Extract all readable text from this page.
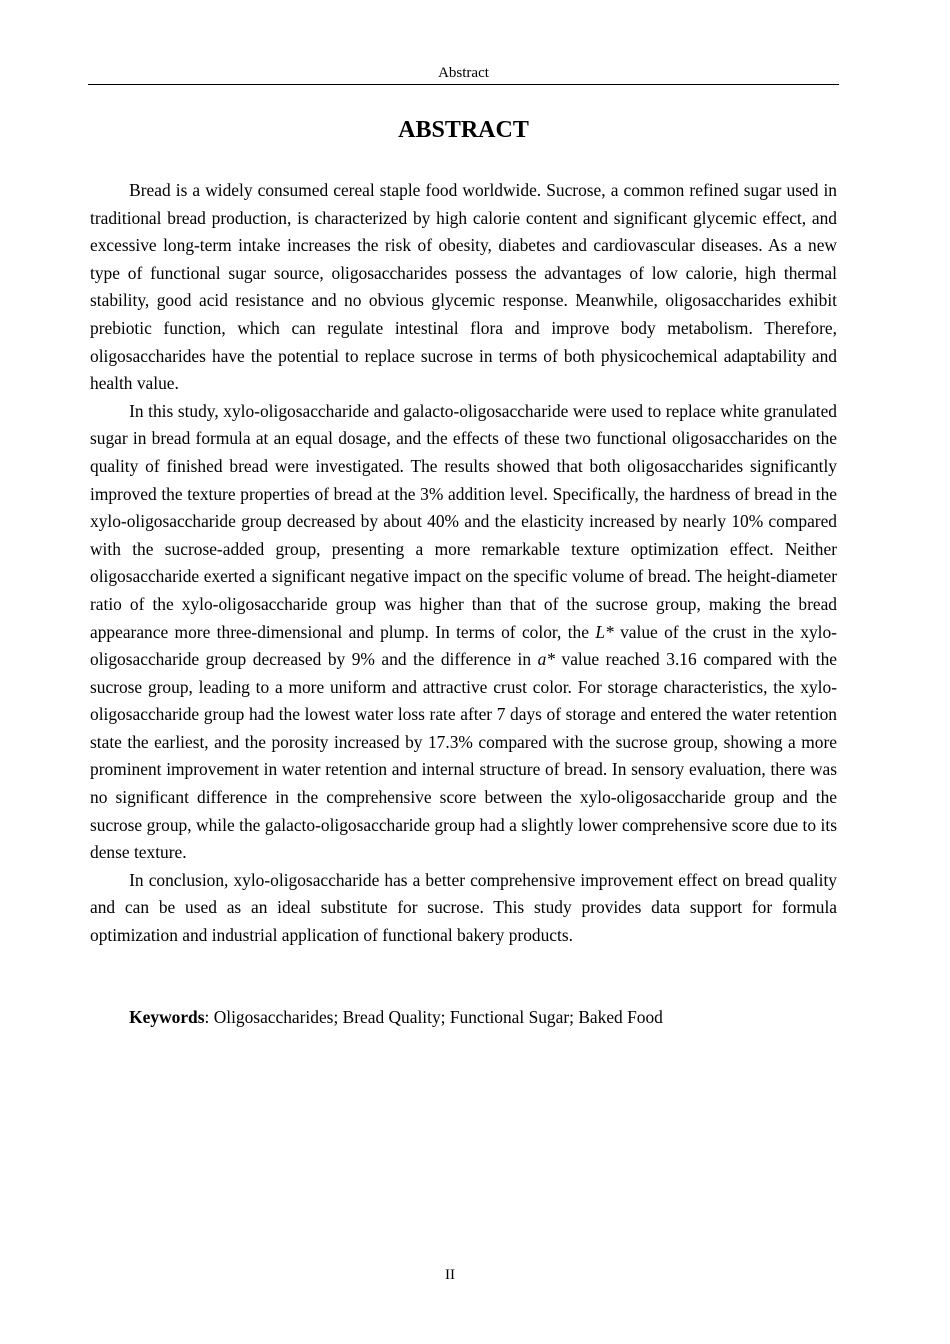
Abstract
ABSTRACT

Bread is a widely consumed cereal staple food worldwide. Sucrose, a common refined sugar used in traditional bread production, is characterized by high calorie content and significant glycemic effect, and excessive long-term intake increases the risk of obesity, diabetes and cardiovascular diseases. As a new type of functional sugar source, oligosaccharides possess the advantages of low calorie, high thermal stability, good acid resistance and no obvious glycemic response. Meanwhile, oligosaccharides exhibit prebiotic function, which can regulate intestinal flora and improve body metabolism. Therefore, oligosaccharides have the potential to replace sucrose in terms of both physicochemical adaptability and health value.

In this study, xylo-oligosaccharide and galacto-oligosaccharide were used to replace white granulated sugar in bread formula at an equal dosage, and the effects of these two functional oligosaccharides on the quality of finished bread were investigated. The results showed that both oligosaccharides significantly improved the texture properties of bread at the 3% addition level. Specifically, the hardness of bread in the xylo-oligosaccharide group decreased by about 40% and the elasticity increased by nearly 10% compared with the sucrose-added group, presenting a more remarkable texture optimization effect. Neither oligosaccharide exerted a significant negative impact on the specific volume of bread. The height-diameter ratio of the xylo-oligosaccharide group was higher than that of the sucrose group, making the bread appearance more three-dimensional and plump. In terms of color, the L* value of the crust in the xylo-oligosaccharide group decreased by 9% and the difference in a* value reached 3.16 compared with the sucrose group, leading to a more uniform and attractive crust color. For storage characteristics, the xylo-oligosaccharide group had the lowest water loss rate after 7 days of storage and entered the water retention state the earliest, and the porosity increased by 17.3% compared with the sucrose group, showing a more prominent improvement in water retention and internal structure of bread. In sensory evaluation, there was no significant difference in the comprehensive score between the xylo-oligosaccharide group and the sucrose group, while the galacto-oligosaccharide group had a slightly lower comprehensive score due to its dense texture.

In conclusion, xylo-oligosaccharide has a better comprehensive improvement effect on bread quality and can be used as an ideal substitute for sucrose. This study provides data support for formula optimization and industrial application of functional bakery products.

Keywords: Oligosaccharides; Bread Quality; Functional Sugar; Baked Food

II
